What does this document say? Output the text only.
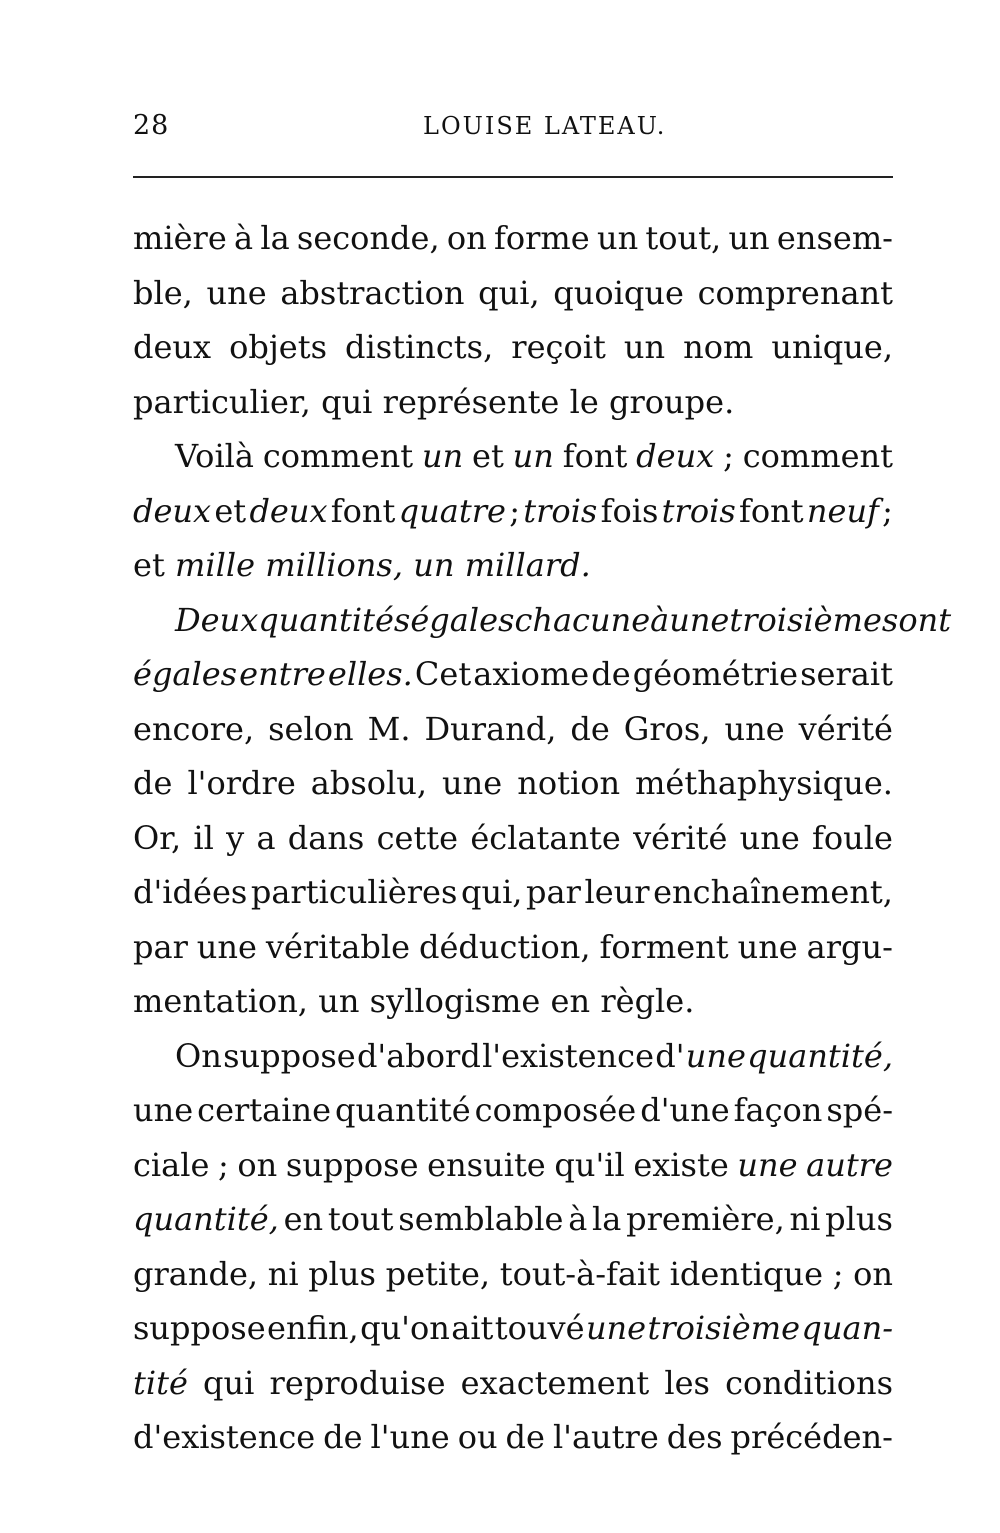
28	LOUISE LATEAU.
mière à la seconde, on forme un tout, un ensem-
ble, une abstraction qui, quoique comprenant
deux objets distincts, reçoit un nom unique,
particulier, qui représente le groupe.
Voilà comment un et un font deux ; comment
deux et deux font quatre ; trois fois trois font neuf ;
et mille millions, un millard.
Deux quantités égales chacune à une troisième sont
égales entre elles. Cet axiome de géométrie serait
encore, selon M. Durand, de Gros, une vérité
de l'ordre absolu, une notion méthaphysique.
Or, il y a dans cette éclatante vérité une foule
d'idées particulières qui, par leur enchaînement,
par une véritable déduction, forment une argu-
mentation, un syllogisme en règle.
On suppose d'abord l'existence d' une quantité,
une certaine quantité composée d'une façon spé-
ciale ; on suppose ensuite qu'il existe une autre
quantité, en tout semblable à la première, ni plus
grande, ni plus petite, tout-à-fait identique ; on
suppose enfin, qu'on ait touvé une troisième quan-
tité qui reproduise exactement les conditions
d'existence de l'une ou de l'autre des précéden-
